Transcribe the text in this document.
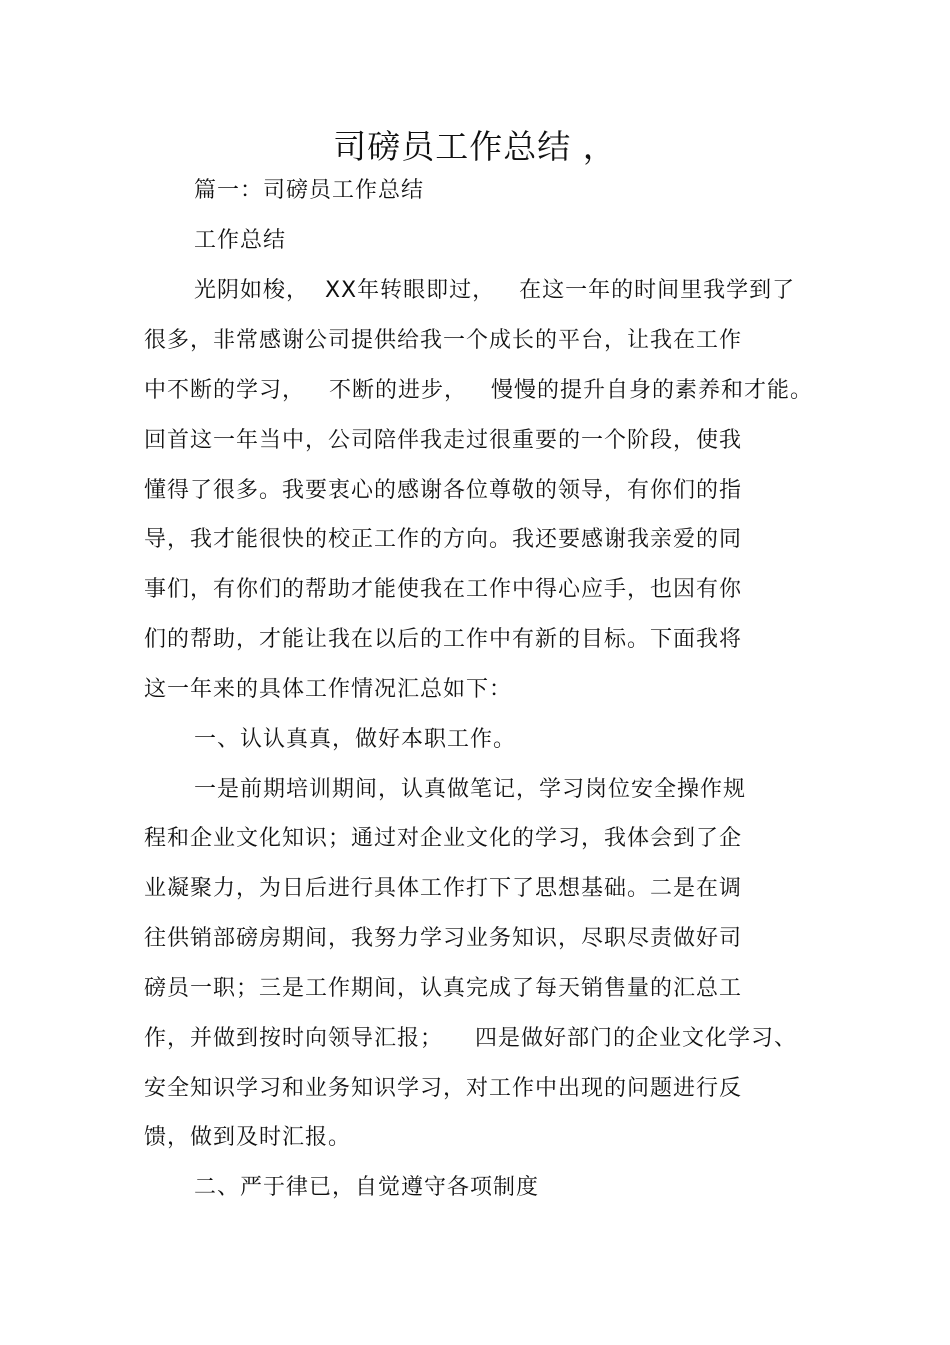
司磅员工作总结 ，

篇一：司磅员工作总结

工作总结

光阴如梭，  XX年转眼即过，   在这一年的时间里我学到了

很多，非常感谢公司提供给我一个成长的平台，让我在工作

中不断的学习，   不断的进步，   慢慢的提升自身的素养和才能。

回首这一年当中，公司陪伴我走过很重要的一个阶段，使我

懂得了很多。我要衷心的感谢各位尊敬的领导，有你们的指

导，我才能很快的校正工作的方向。我还要感谢我亲爱的同

事们，有你们的帮助才能使我在工作中得心应手，也因有你

们的帮助，才能让我在以后的工作中有新的目标。下面我将

这一年来的具体工作情况汇总如下：

一、认认真真，做好本职工作。

一是前期培训期间，认真做笔记，学习岗位安全操作规

程和企业文化知识；通过对企业文化的学习，我体会到了企

业凝聚力，为日后进行具体工作打下了思想基础。二是在调

往供销部磅房期间，我努力学习业务知识，尽职尽责做好司

磅员一职；三是工作期间，认真完成了每天销售量的汇总工

作，并做到按时向领导汇报；    四是做好部门的企业文化学习、

安全知识学习和业务知识学习，对工作中出现的问题进行反

馈，做到及时汇报。

二、严于律已，自觉遵守各项制度
